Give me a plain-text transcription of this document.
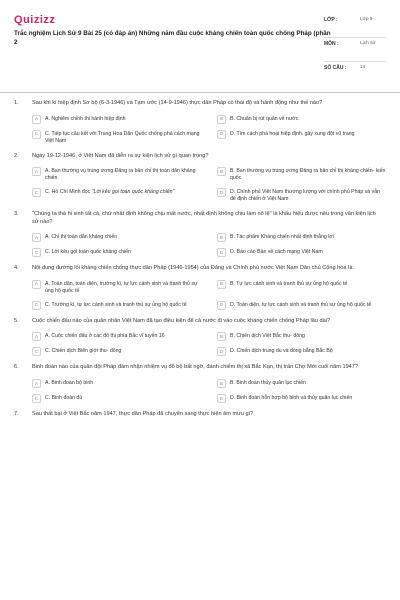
Quizizz
Trắc nghiệm Lịch Sử 9 Bài 25 (có đáp án) Những năm đầu cuộc kháng chiến toàn quốc chống Pháp (phần 2
LỚP :	Lớp 9
MÔN :	Lịch sử
SỐ CÂU :	14
1.	Sau khi kí hiệp định Sơ bộ (6-3-1946) và Tạm ước (14-9-1946) thực dân Pháp có thái độ và hành động như thế nào?
A	A. Nghiêm chỉnh thi hành hiệp định	B	B. Chuẩn bị rút quân về nước
C	C. Tiếp tục câu kết với Trung Hoa Dân Quốc chống phá cách mạng Việt Nam
D	D. Tìm cách phá hoại hiệp định, gây xung đột vũ trang
2.	Ngày 19-12-1946, ở Việt Nam đã diễn ra sự kiện lịch sử gì quan trọng?
A	A. Ban thường vụ trung ương Đảng ra bản chỉ thị toàn dân kháng chiến
B	B. Ban thường vụ trung ương Đảng ra bản chỉ thị kháng chiến- kiến quốc
C	C. Hồ Chí Minh đọc "Lời kêu gọi toàn quốc kháng chiến"	D	D. Chính phủ Việt Nam thương lượng với chính phủ Pháp và vẫn để định chiến ở Việt Nam
3.	"Chúng ta thà hi sinh tất cả, chứ nhất định không chịu mất nước, nhất định không chịu làm nô lệ" là khẩu hiệu được nêu trong văn kiện lịch sử nào?
A	A. Chỉ thị toàn dân kháng chiến	B	B. Tác phẩm Kháng chiến nhất định thắng lợi
C	C. Lời kêu gọi toàn quốc kháng chiến	D	D. Báo cáo Bàn về cách mạng Việt Nam
4.	Nội dung đường lối kháng chiến chống thực dân Pháp (1946-1954) của Đảng và Chính phủ nước Việt Nam Dân chủ Cộng hòa là:
A	A. Toàn dân, toàn diện, trường kì, tự lực cánh sinh và tranh thủ sự ủng hộ quốc tế
B	B. Tự lực cánh sinh và tranh thủ sự ủng hộ quốc tế
C	C. Trường kì, tự lực cánh sinh và tranh thủ sự ủng hộ quốc tế	D	D. Toàn diện, tự lực cánh sinh và tranh thủ sự ủng hộ quốc tế
5.	Cuộc chiến đấu nào của quân nhân Việt Nam đã tạo điều kiện để cả nước đi vào cuộc kháng chiến chống Pháp lâu dài?
A	A. Cuộc chiến đấu ở các đô thị phía Bắc vĩ tuyến 16	B	B. Chiến dịch Việt Bắc thu- đông
C	C. Chiến dịch Biên giới thu- đông	D	D. Chiến dịch trung du và đồng bằng Bắc Bộ
6.	Binh đoàn nào của quân đội Pháp đảm nhận nhiệm vụ đổ bộ bất ngờ, đánh chiếm thị xã Bắc Kạn, thị trấn Chợ Mới cuối năm 1947?
A	A. Binh đoàn bộ binh	B	B. Binh đoàn thủy quân lục chiến
C	C. Binh đoàn dù	D	D. Binh đoàn hỗn hợp bộ binh và thủy quân lục chiến
7.	Sau thất bại ở Việt Bắc năm 1947, thực dân Pháp đã chuyển sang thực hiện âm mưu gì?
